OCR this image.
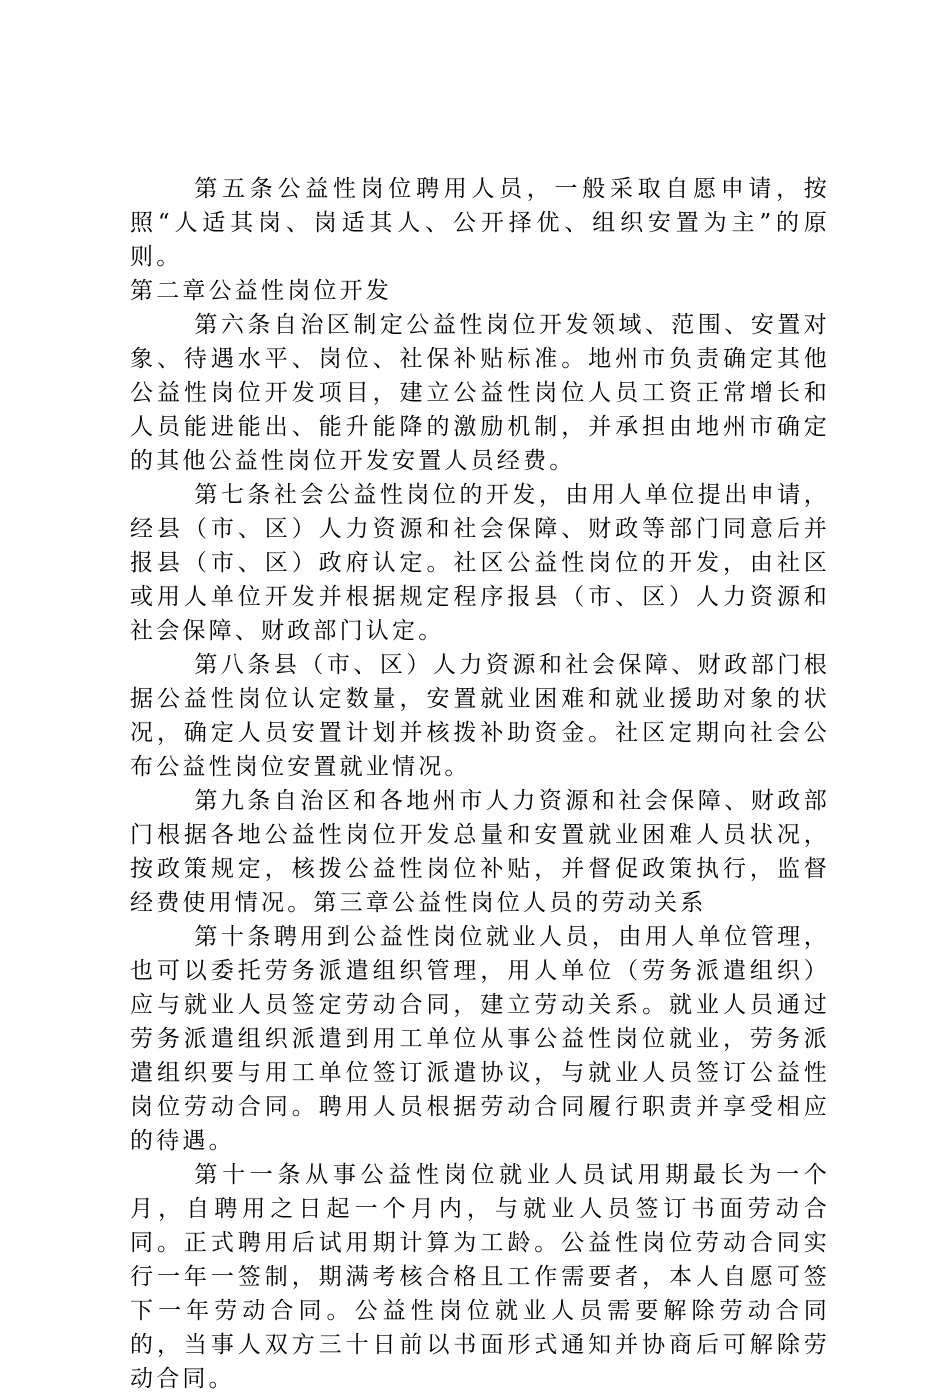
第五条公益性岗位聘用人员，一般采取自愿申请，按照“人适其岗、岗适其人、公开择优、组织安置为主”的原则。

第二章公益性岗位开发

第六条自治区制定公益性岗位开发领域、范围、安置对象、待遇水平、岗位、社保补贴标准。地州市负责确定其他公益性岗位开发项目，建立公益性岗位人员工资正常增长和人员能进能出、能升能降的激励机制，并承担由地州市确定的其他公益性岗位开发安置人员经费。

第七条社会公益性岗位的开发，由用人单位提出申请，经县（市、区）人力资源和社会保障、财政等部门同意后并报县（市、区）政府认定。社区公益性岗位的开发，由社区或用人单位开发并根据规定程序报县（市、区）人力资源和社会保障、财政部门认定。

第八条县（市、区）人力资源和社会保障、财政部门根据公益性岗位认定数量，安置就业困难和就业援助对象的状况，确定人员安置计划并核拨补助资金。社区定期向社会公布公益性岗位安置就业情况。

第九条自治区和各地州市人力资源和社会保障、财政部门根据各地公益性岗位开发总量和安置就业困难人员状况，按政策规定，核拨公益性岗位补贴，并督促政策执行，监督经费使用情况。第三章公益性岗位人员的劳动关系

第十条聘用到公益性岗位就业人员，由用人单位管理，也可以委托劳务派遣组织管理，用人单位（劳务派遣组织）应与就业人员签定劳动合同，建立劳动关系。就业人员通过劳务派遣组织派遣到用工单位从事公益性岗位就业，劳务派遣组织要与用工单位签订派遣协议，与就业人员签订公益性岗位劳动合同。聘用人员根据劳动合同履行职责并享受相应的待遇。

第十一条从事公益性岗位就业人员试用期最长为一个月，自聘用之日起一个月内，与就业人员签订书面劳动合同。正式聘用后试用期计算为工龄。公益性岗位劳动合同实行一年一签制，期满考核合格且工作需要者，本人自愿可签下一年劳动合同。公益性岗位就业人员需要解除劳动合同的，当事人双方三十日前以书面形式通知并协商后可解除劳动合同。
